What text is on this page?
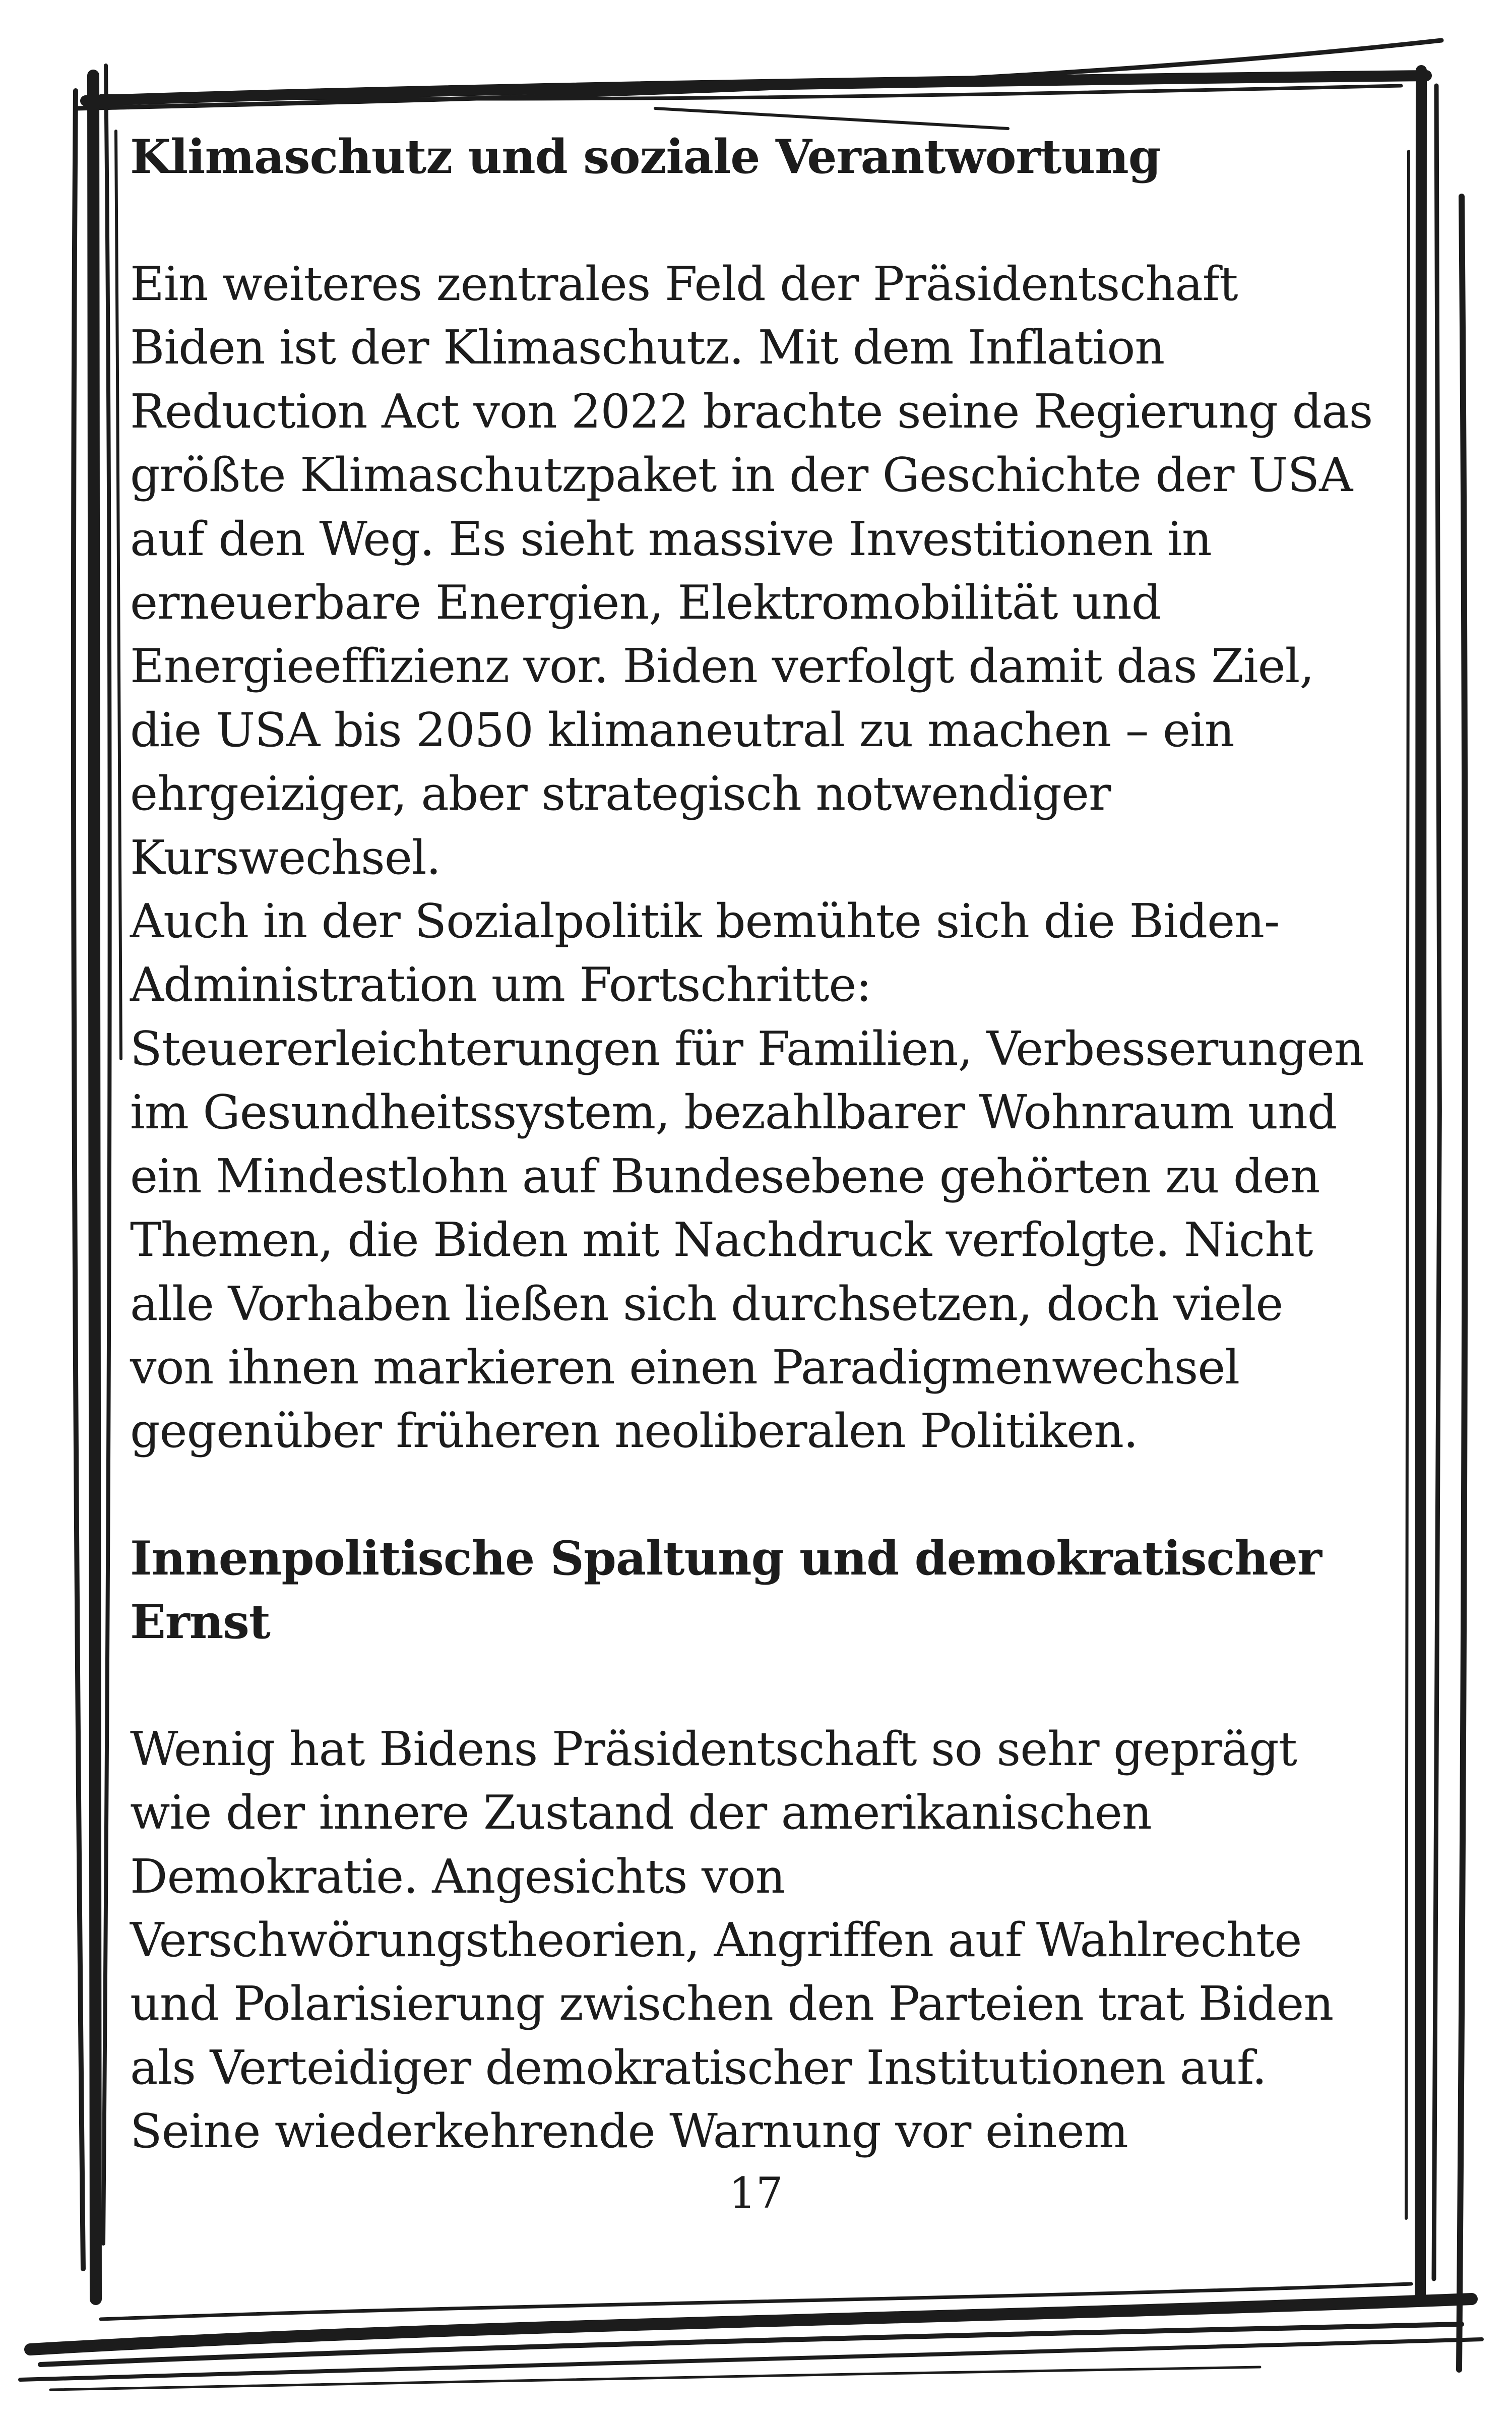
Klimaschutz und soziale Verantwortung

Ein weiteres zentrales Feld der Präsidentschaft
Biden ist der Klimaschutz. Mit dem Inflation
Reduction Act von 2022 brachte seine Regierung das
größte Klimaschutzpaket in der Geschichte der USA
auf den Weg. Es sieht massive Investitionen in
erneuerbare Energien, Elektromobilität und
Energieeffizienz vor. Biden verfolgt damit das Ziel,
die USA bis 2050 klimaneutral zu machen – ein
ehrgeiziger, aber strategisch notwendiger
Kurswechsel.

Auch in der Sozialpolitik bemühte sich die Biden-
Administration um Fortschritte:
Steuererleichterungen für Familien, Verbesserungen
im Gesundheitssystem, bezahlbarer Wohnraum und
ein Mindestlohn auf Bundesebene gehörten zu den
Themen, die Biden mit Nachdruck verfolgte. Nicht
alle Vorhaben ließen sich durchsetzen, doch viele
von ihnen markieren einen Paradigmenwechsel
gegenüber früheren neoliberalen Politiken.

Innenpolitische Spaltung und demokratischer
Ernst

Wenig hat Bidens Präsidentschaft so sehr geprägt
wie der innere Zustand der amerikanischen
Demokratie. Angesichts von
Verschwörungstheorien, Angriffen auf Wahlrechte
und Polarisierung zwischen den Parteien trat Biden
als Verteidiger demokratischer Institutionen auf.
Seine wiederkehrende Warnung vor einem

17
